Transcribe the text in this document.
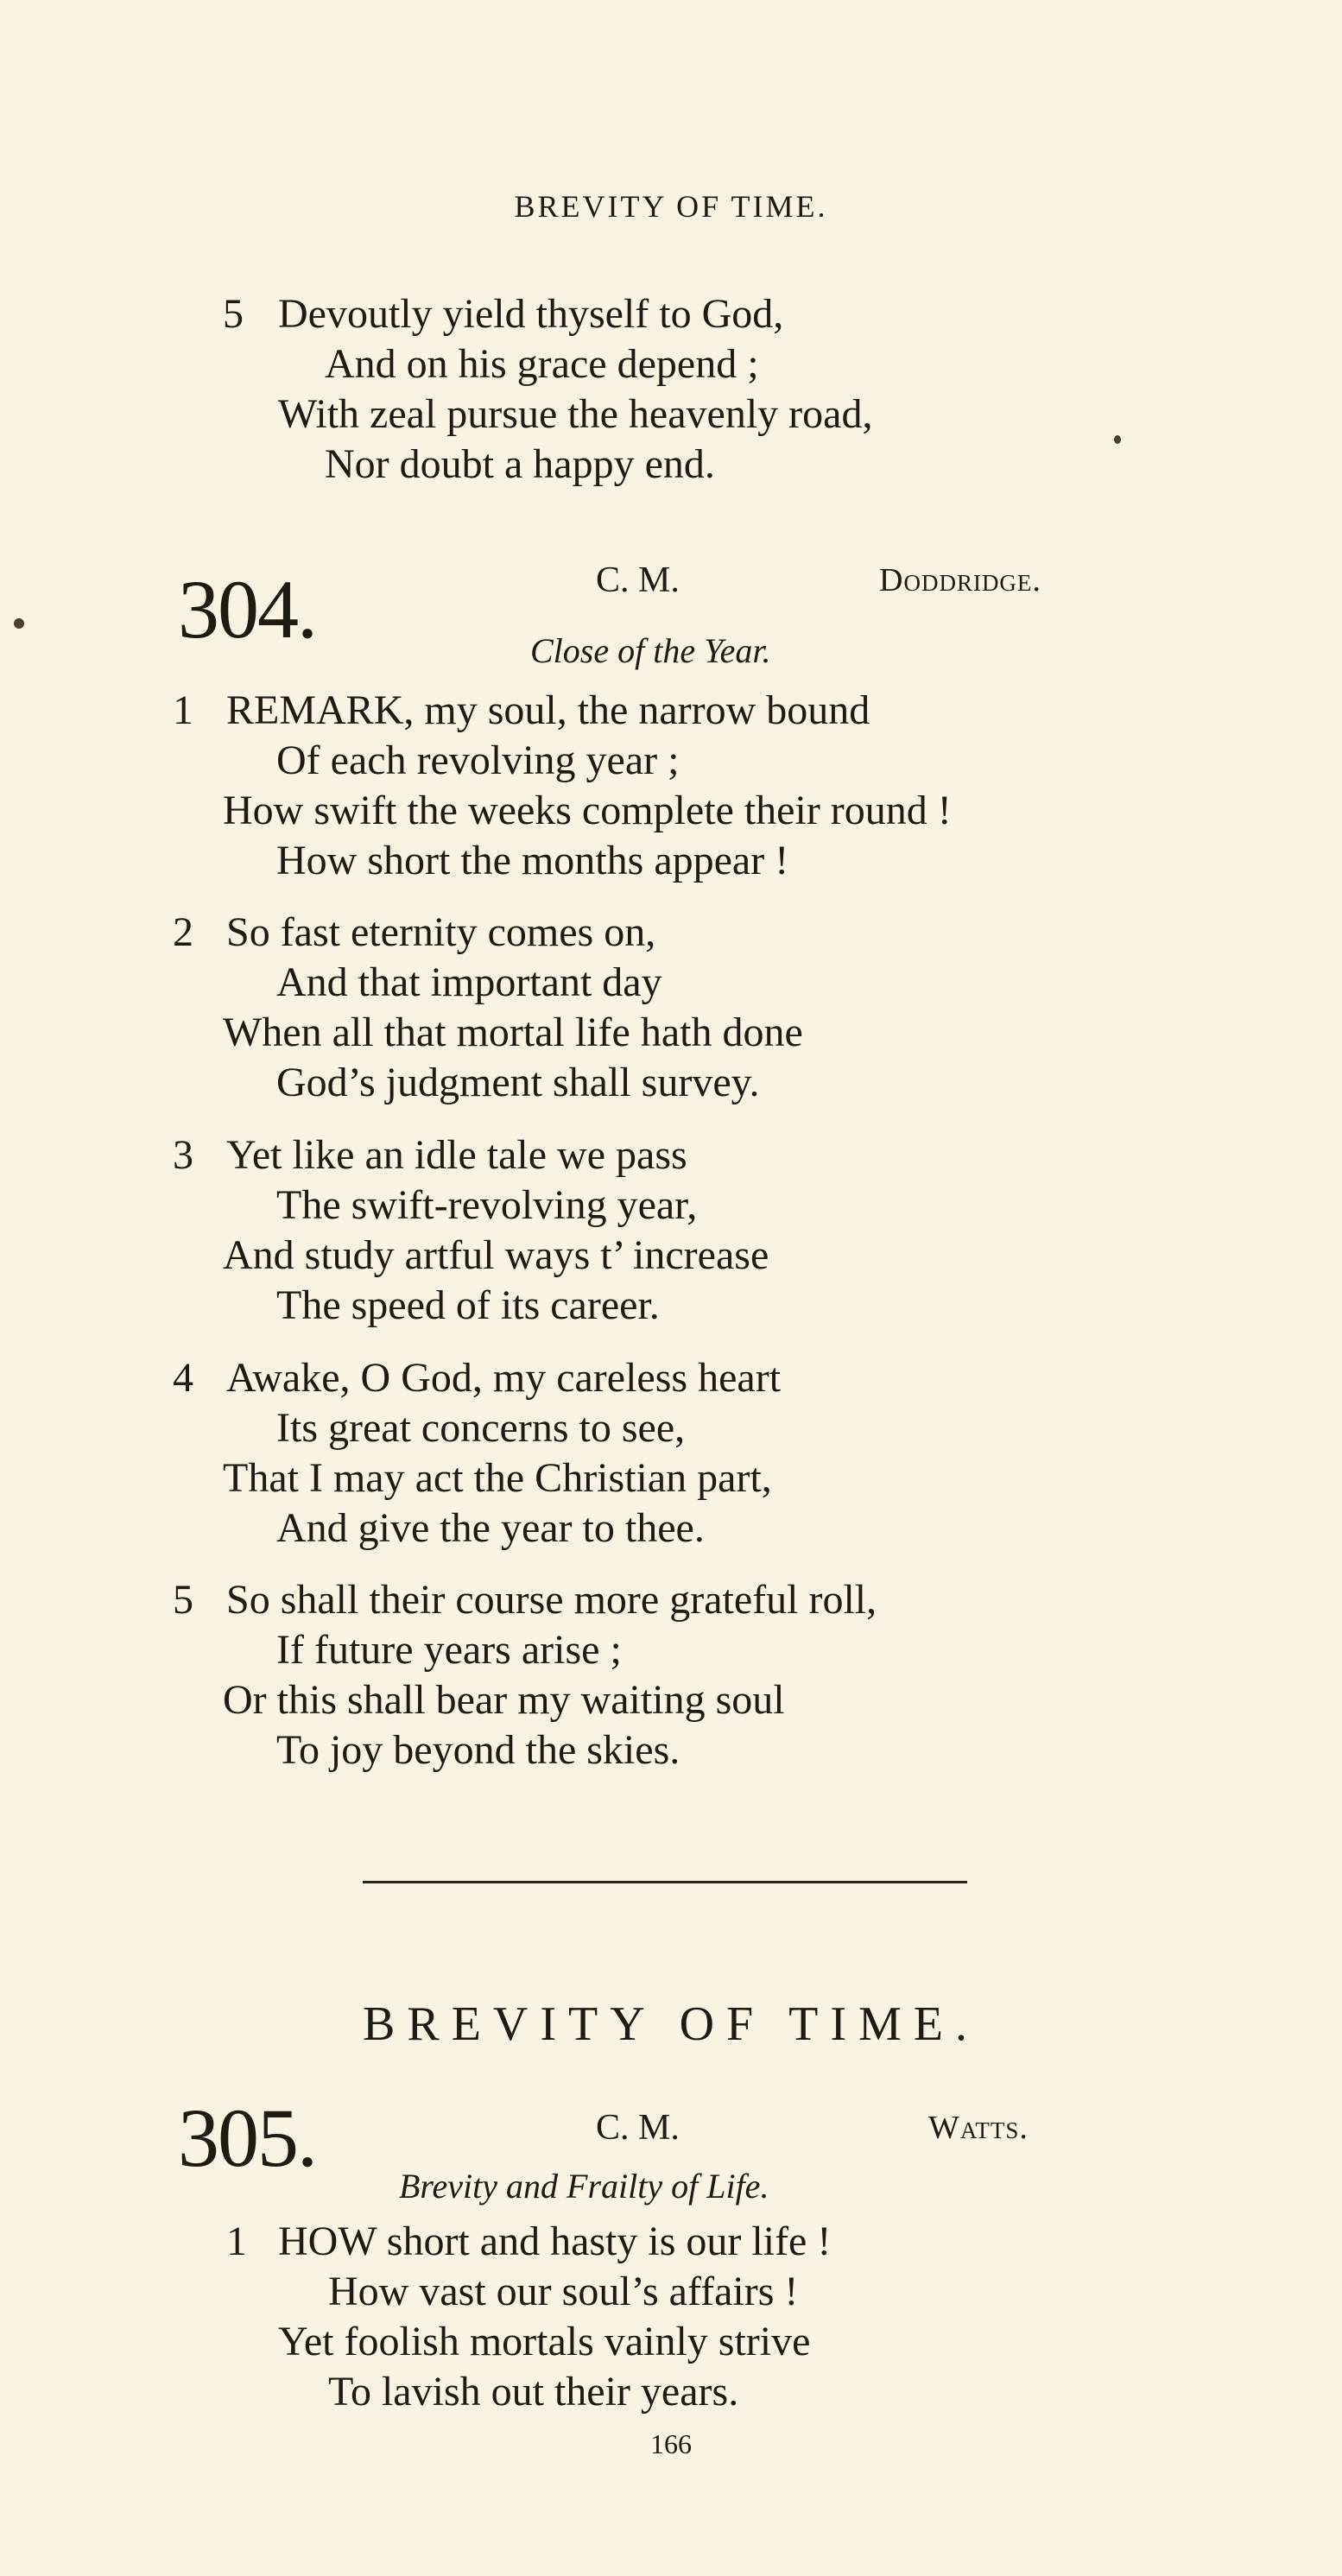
BREVITY OF TIME.
5 Devoutly yield thyself to God,
And on his grace depend ;
With zeal pursue the heavenly road,
Nor doubt a happy end.
304.	C. M.	Doddridge.
Close of the Year.
1 REMARK, my soul, the narrow bound
Of each revolving year ;
How swift the weeks complete their round !
How short the months appear !
2 So fast eternity comes on,
And that important day
When all that mortal life hath done
God’s judgment shall survey.
3 Yet like an idle tale we pass
The swift-revolving year,
And study artful ways t’ increase
The speed of its career.
4 Awake, O God, my careless heart
Its great concerns to see,
That I may act the Christian part,
And give the year to thee.
5 So shall their course more grateful roll,
If future years arise ;
Or this shall bear my waiting soul
To joy beyond the skies.
BREVITY OF TIME.
305.	C. M.	Watts.
Brevity and Frailty of Life.
1 HOW short and hasty is our life !
How vast our soul’s affairs !
Yet foolish mortals vainly strive
To lavish out their years.
166
